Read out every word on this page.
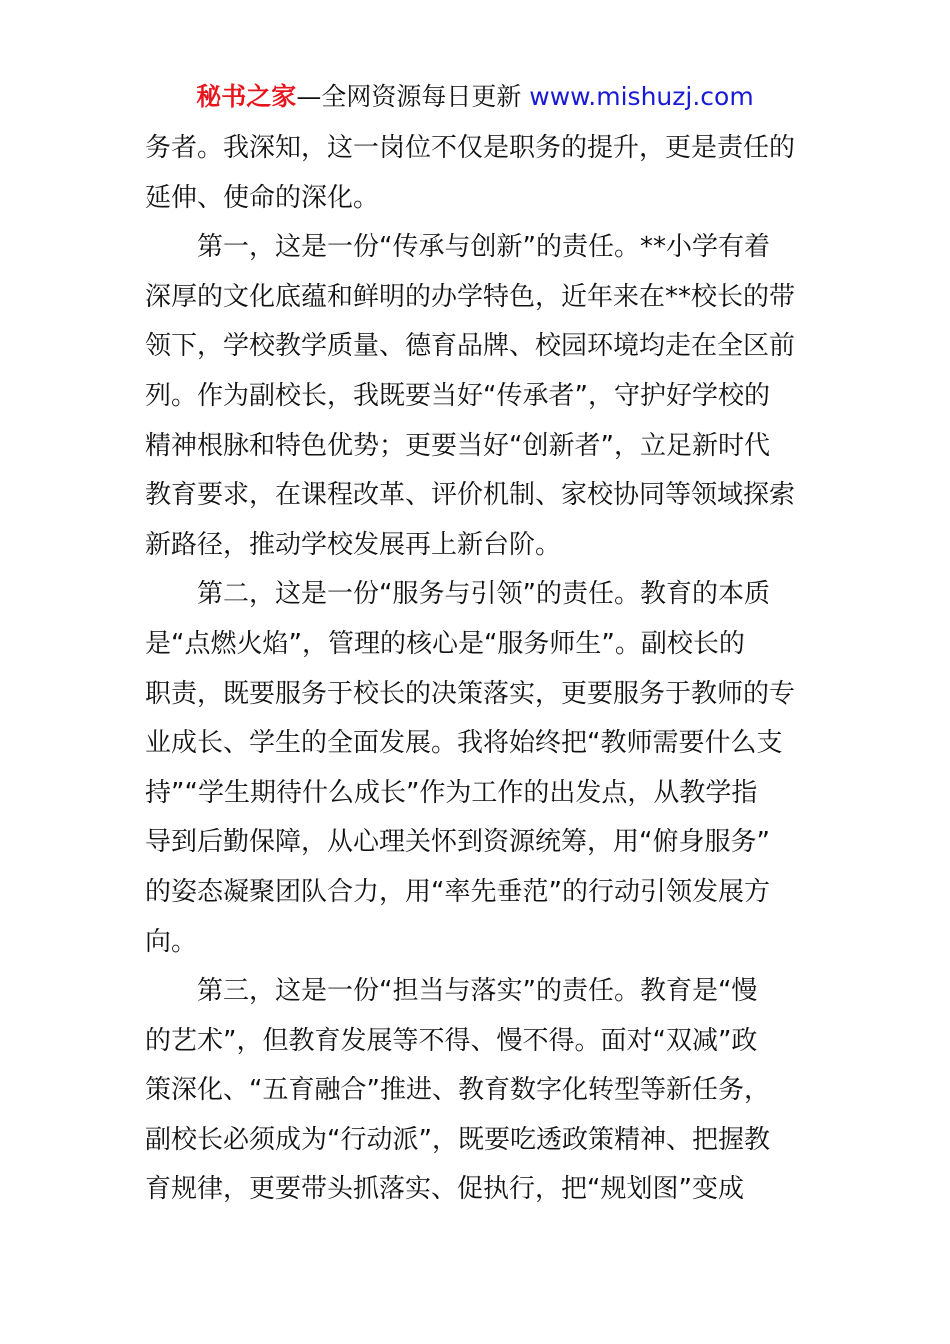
秘书之家—全网资源每日更新 www.mishuzj.com
务者。我深知，这一岗位不仅是职务的提升，更是责任的
延伸、使命的深化。
第一，这是一份“传承与创新”的责任。**小学有着
深厚的文化底蕴和鲜明的办学特色，近年来在**校长的带
领下，学校教学质量、德育品牌、校园环境均走在全区前
列。作为副校长，我既要当好“传承者”，守护好学校的
精神根脉和特色优势；更要当好“创新者”，立足新时代
教育要求，在课程改革、评价机制、家校协同等领域探索
新路径，推动学校发展再上新台阶。
第二，这是一份“服务与引领”的责任。教育的本质
是“点燃火焰”，管理的核心是“服务师生”。副校长的
职责，既要服务于校长的决策落实，更要服务于教师的专
业成长、学生的全面发展。我将始终把“教师需要什么支
持”“学生期待什么成长”作为工作的出发点，从教学指
导到后勤保障，从心理关怀到资源统筹，用“俯身服务”
的姿态凝聚团队合力，用“率先垂范”的行动引领发展方
向。
第三，这是一份“担当与落实”的责任。教育是“慢
的艺术”，但教育发展等不得、慢不得。面对“双减”政
策深化、“五育融合”推进、教育数字化转型等新任务，
副校长必须成为“行动派”，既要吃透政策精神、把握教
育规律，更要带头抓落实、促执行，把“规划图”变成
